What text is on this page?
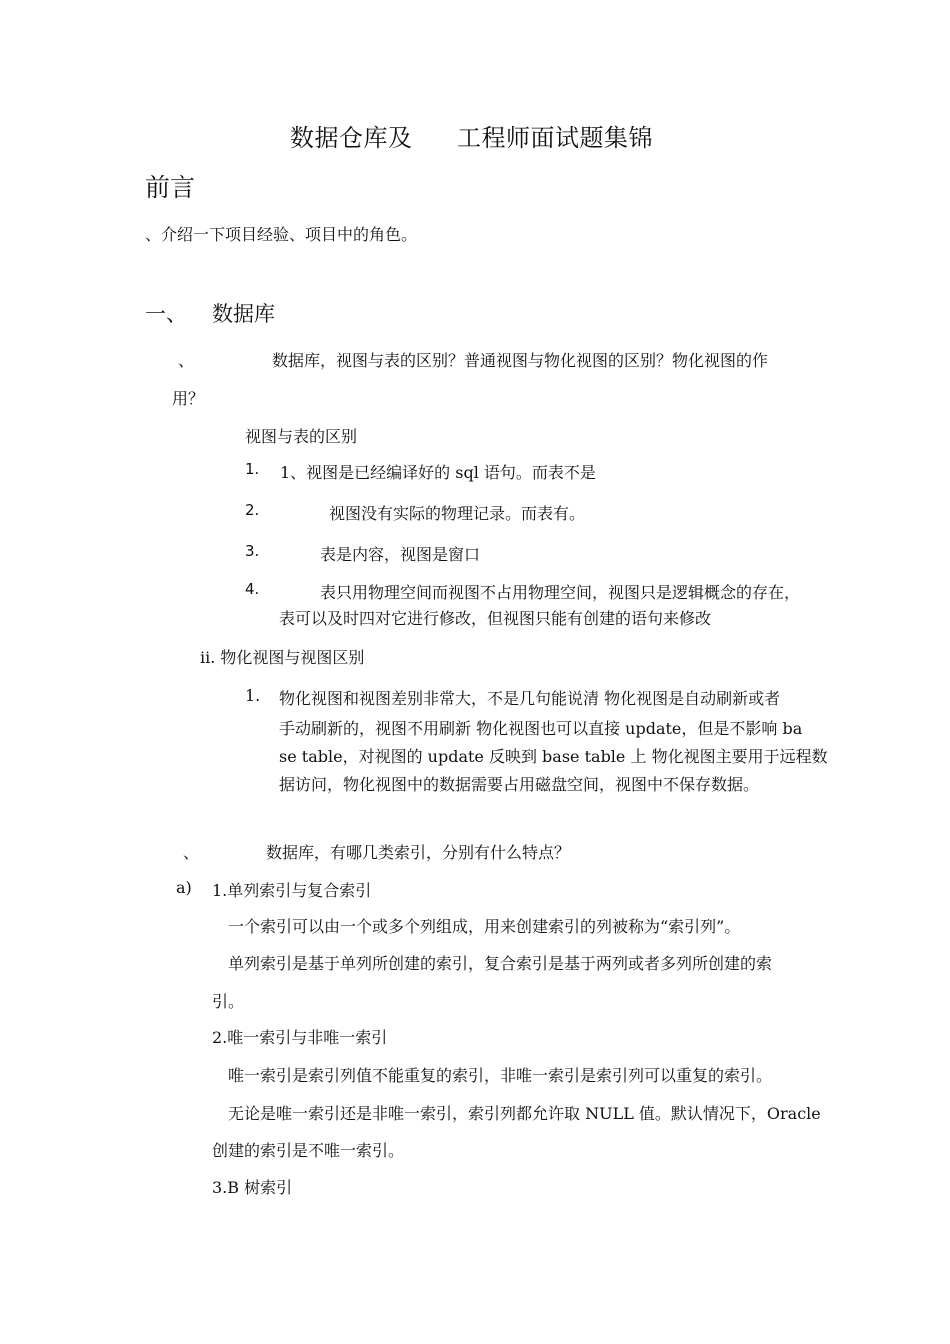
数据仓库及 工程师面试题集锦
前言
、介绍一下项目经验、项目中的角色。
一、 数据库
、	数据库，视图与表的区别？普通视图与物化视图的区别？物化视图的作
用？
视图与表的区别
1. 1、视图是已经编译好的 sql 语句。而表不是
2.	视图没有实际的物理记录。而表有。
3.	表是内容，视图是窗口
4.	表只用物理空间而视图不占用物理空间，视图只是逻辑概念的存在，
表可以及时四对它进行修改，但视图只能有创建的语句来修改
ii. 物化视图与视图区别
1. 物化视图和视图差别非常大，不是几句能说清 物化视图是自动刷新或者
手动刷新的，视图不用刷新 物化视图也可以直接 update，但是不影响 ba
se table，对视图的 update 反映到 base table 上 物化视图主要用于远程数
据访问，物化视图中的数据需要占用磁盘空间，视图中不保存数据。
、	数据库，有哪几类索引，分别有什么特点？
a) 1.单列索引与复合索引
一个索引可以由一个或多个列组成，用来创建索引的列被称为“索引列”。
单列索引是基于单列所创建的索引，复合索引是基于两列或者多列所创建的索
引。
2.唯一索引与非唯一索引
唯一索引是索引列值不能重复的索引，非唯一索引是索引列可以重复的索引。
无论是唯一索引还是非唯一索引，索引列都允许取 NULL 值。默认情况下，Oracle
创建的索引是不唯一索引。
3.B 树索引
